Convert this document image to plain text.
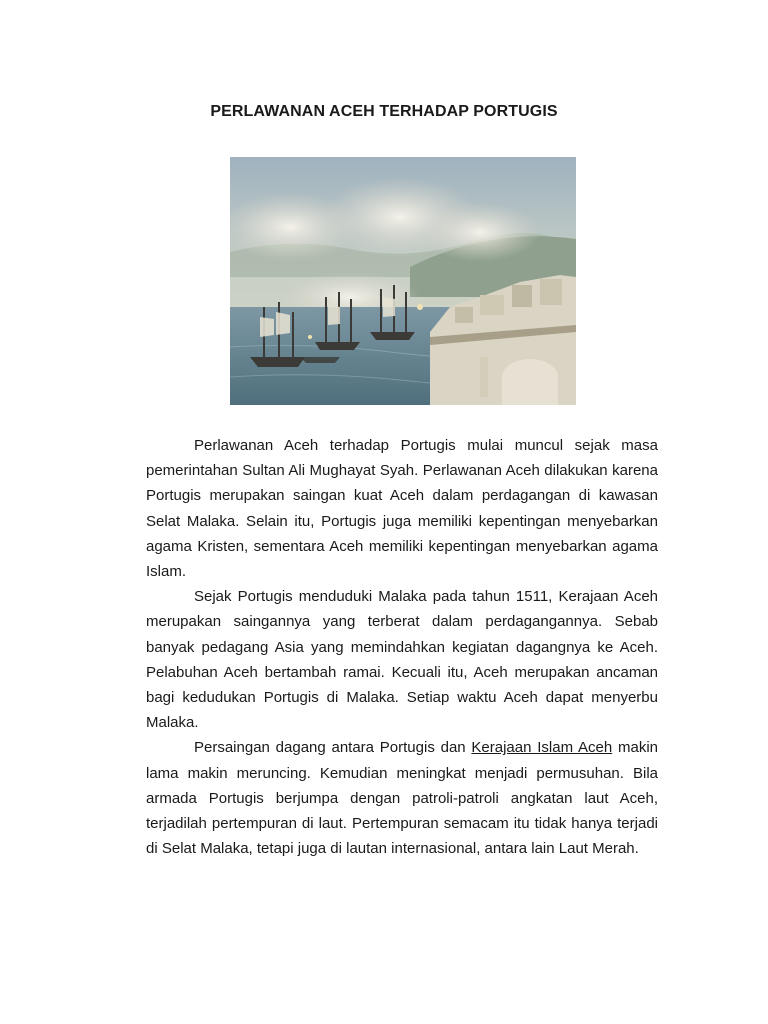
PERLAWANAN ACEH TERHADAP PORTUGIS

Perlawanan Aceh terhadap Portugis mulai muncul sejak masa pemerintahan Sultan Ali Mughayat Syah. Perlawanan Aceh dilakukan karena Portugis merupakan saingan kuat Aceh dalam perdagangan di kawasan Selat Malaka. Selain itu, Portugis juga memiliki kepentingan menyebarkan agama Kristen, sementara Aceh memiliki kepentingan menyebarkan agama Islam.

Sejak Portugis menduduki Malaka pada tahun 1511, Kerajaan Aceh merupakan saingannya yang terberat dalam perdagangannya. Sebab banyak pedagang Asia yang memindahkan kegiatan dagangnya ke Aceh. Pelabuhan Aceh bertambah ramai. Kecuali itu, Aceh merupakan ancaman bagi kedudukan Portugis di Malaka. Setiap waktu Aceh dapat menyerbu Malaka.

Persaingan dagang antara Portugis dan Kerajaan Islam Aceh makin lama makin meruncing. Kemudian meningkat menjadi permusuhan. Bila armada Portugis berjumpa dengan patroli-patroli angkatan laut Aceh, terjadilah pertempuran di laut. Pertempuran semacam itu tidak hanya terjadi di Selat Malaka, tetapi juga di lautan internasional, antara lain Laut Merah.
